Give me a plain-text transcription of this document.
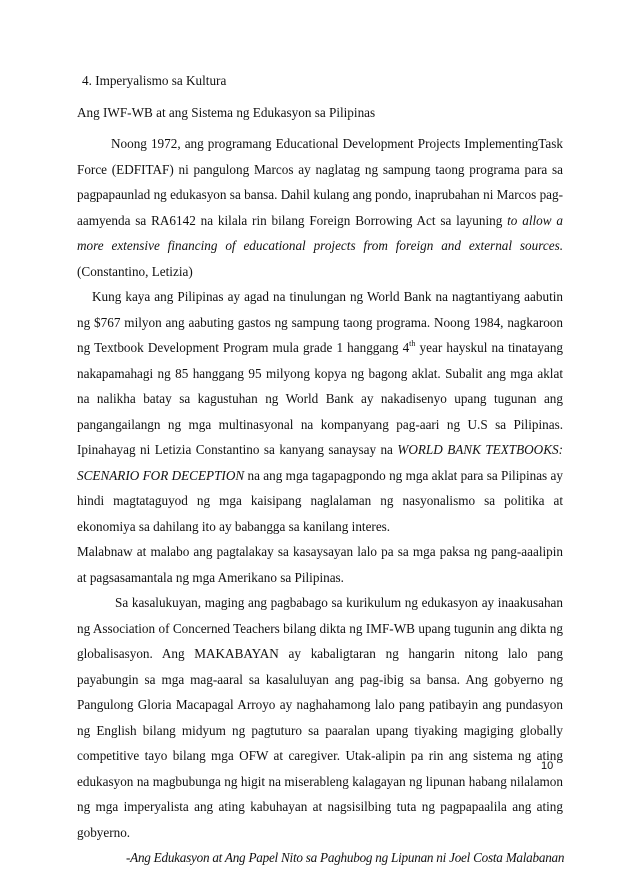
4. Imperyalismo sa Kultura
Ang IWF-WB at ang Sistema ng Edukasyon sa Pilipinas

Noong 1972, ang programang Educational Development Projects ImplementingTask Force (EDFITAF) ni pangulong Marcos ay naglatag ng sampung taong programa para sa pagpapaunlad ng edukasyon sa bansa. Dahil kulang ang pondo, inaprubahan ni Marcos pag-aamyenda sa RA6142 na kilala rin bilang Foreign Borrowing Act sa layuning to allow a more extensive financing of educational projects from foreign and external sources.(Constantino, Letizia)

Kung kaya ang Pilipinas ay agad na tinulungan ng World Bank na nagtantiyang aabutin ng $767 milyon ang aabuting gastos ng sampung taong programa. Noong 1984, nagkaroon ng Textbook Development Program mula grade 1 hanggang 4th year hayskul na tinatayang nakapamahagi ng 85 hanggang 95 milyong kopya ng bagong aklat. Subalit ang mga aklat na nalikha batay sa kagustuhan ng World Bank ay nakadisenyo upang tugunan ang pangangailangn ng mga multinasyonal na kompanyang pag-aari ng U.S sa Pilipinas. Ipinahayag ni Letizia Constantino sa kanyang sanaysay na WORLD BANK TEXTBOOKS: SCENARIO FOR DECEPTION na ang mga tagapagpondo ng mga aklat para sa Pilipinas ay hindi magtataguyod ng mga kaisipang naglalaman ng nasyonalismo sa politika at ekonomiya sa dahilang ito ay babangga sa kanilang interes.

Malabnaw at malabo ang pagtalakay sa kasaysayan lalo pa sa mga paksa ng pang-aaalipin at pagsasamantala ng mga Amerikano sa Pilipinas.

Sa kasalukuyan, maging ang pagbabago sa kurikulum ng edukasyon ay inaakusahan ng Association of Concerned Teachers bilang dikta ng IMF-WB upang tugunin ang dikta ng globalisasyon. Ang MAKABAYAN ay kabaligtaran ng hangarin nitong lalo pang payabungin sa mga mag-aaral sa kasaluluyan ang pag-ibig sa bansa. Ang gobyerno ng Pangulong Gloria Macapagal Arroyo ay naghahamong lalo pang patibayin ang pundasyon ng English bilang midyum ng pagtuturo sa paaralan upang tiyaking magiging globally competitive tayo bilang mga OFW at caregiver. Utak-alipin pa rin ang sistema ng ating edukasyon na magbubunga ng higit na miserableng kalagayan ng lipunan habang nilalamon ng mga imperyalista ang ating kabuhayan at nagsisilbing tuta ng pagpapaalila ang ating gobyerno.

-Ang Edukasyon at Ang Papel Nito sa Paghubog ng Lipunan ni Joel Costa Malabanan

10
